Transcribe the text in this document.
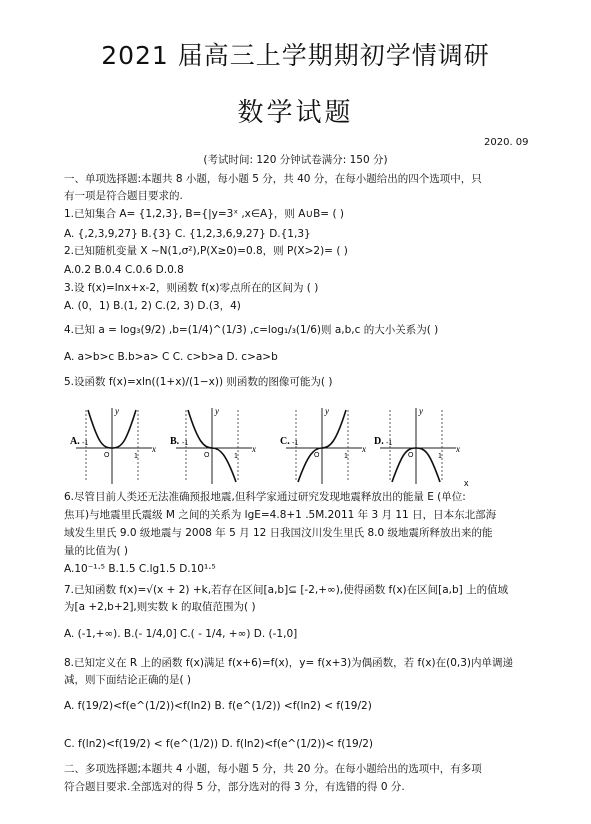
2021 届高三上学期期初学情调研
数学试题
2020. 09
(考试时间: 120 分钟试卷满分: 150 分)
一、单项选择题:本题共 8 小题，每小题 5 分，共 40 分，在每小题给出的四个选项中，只
有一项是符合题目要求的.
1.已知集合 A= {1,2,3}, B={|y=3ˣ ,x∈A}，则 A∪B= ( )
A. {,2,3,9,27} B.{3} C. {1,2,3,6,9,27} D.{1,3}
2.已知随机变量 X ~N(1,σ²),P(X≥0)=0.8，则 P(X>2)= ( )
A.0.2 B.0.4 C.0.6 D.0.8
3.设 f(x)=lnx+x-2，则函数 f(x)零点所在的区间为 ( )
A. (0，1) B.(1, 2) C.(2, 3) D.(3，4)
4.已知 a = log₃(9/2) ,b=(1/4)^(1/3) ,c=log₁/₃(1/6)则 a,b,c 的大小关系为( )
A. a>b>c B.b>a> C C. c>b>a D. c>a>b
5.设函数 f(x)=xln((1+x)/(1−x)) 则函数的图像可能为( )
A.
y
x
-1
1
O
B.
y
x
-1
1
O
C.
y
x
-1
1
O
D.
y
x
-1
1
O
x
6.尽管目前人类还无法准确预报地震,但科学家通过研究发现地震释放出的能量 E (单位:
焦耳)与地震里氏震级 M 之间的关系为 lgE=4.8+1 .5M.2011 年 3 月 11 日，日本东北部海
域发生里氏 9.0 级地震与 2008 年 5 月 12 日我国汶川发生里氏 8.0 级地震所释放出来的能
量的比值为( )
A.10⁻¹·⁵ B.1.5 C.lg1.5 D.10¹·⁵
7.已知函数 f(x)=√(x + 2) +k,若存在区间[a,b]⊆ [-2,+∞),使得函数 f(x)在区间[a,b] 上的值域
为[a +2,b+2],则实数 k 的取值范围为( )
A. (-1,+∞). B.(- 1/4,0] C.( - 1/4, +∞) D. (-1,0]
8.已知定义在 R 上的函数 f(x)满足 f(x+6)=f(x)，y= f(x+3)为偶函数，若 f(x)在(0,3)内单调递
减，则下面结论正确的是( )
A. f(19/2)<f(e^(1/2))<f(ln2) B. f(e^(1/2)) <f(ln2) < f(19/2)
C. f(ln2)<f(19/2) < f(e^(1/2)) D. f(ln2)<f(e^(1/2))< f(19/2)
二、多项选择题;本题共 4 小题，每小题 5 分，共 20 分。在每小题给出的选项中，有多项
符合题目要求.全部选对的得 5 分，部分选对的得 3 分，有选错的得 0 分.
